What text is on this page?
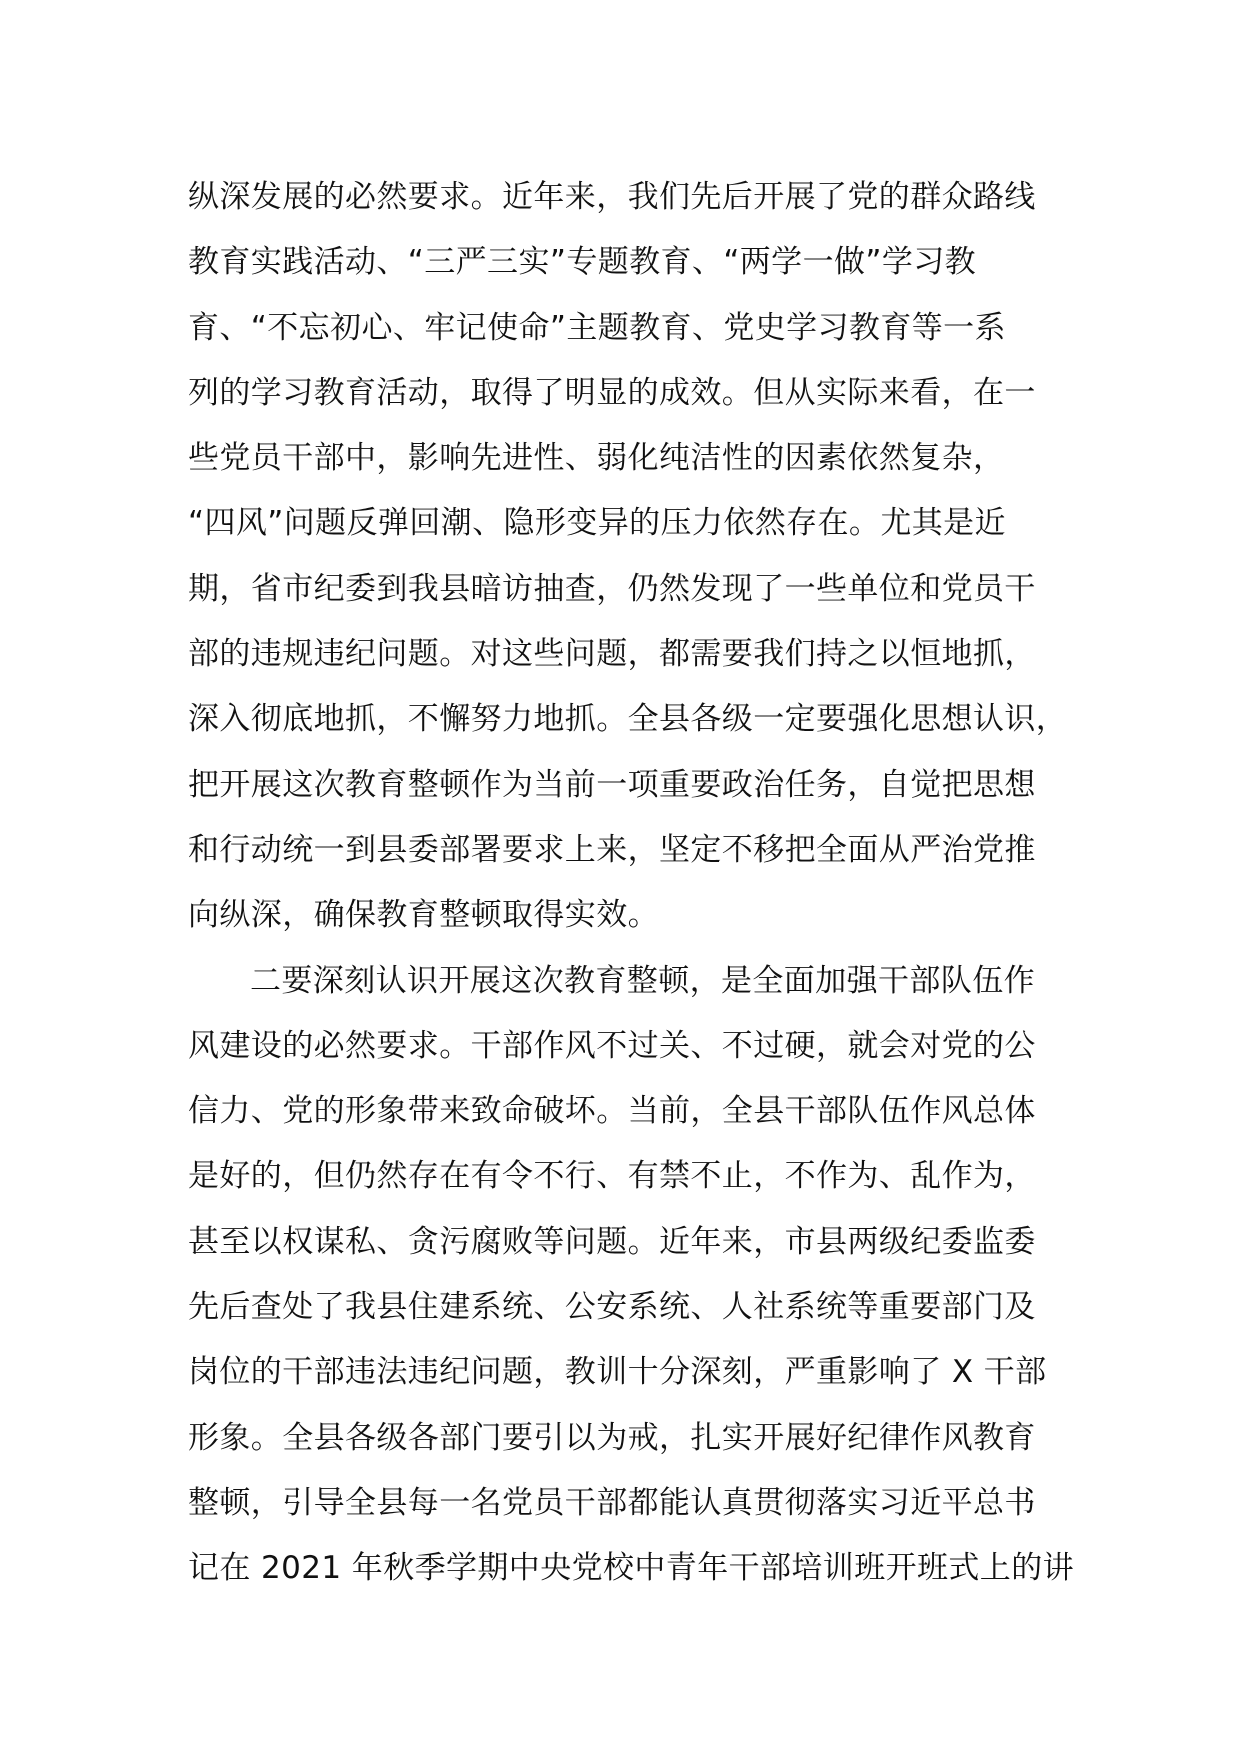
纵深发展的必然要求。近年来，我们先后开展了党的群众路线
教育实践活动、“三严三实”专题教育、“两学一做”学习教
育、“不忘初心、牢记使命”主题教育、党史学习教育等一系
列的学习教育活动，取得了明显的成效。但从实际来看，在一
些党员干部中，影响先进性、弱化纯洁性的因素依然复杂，
“四风”问题反弹回潮、隐形变异的压力依然存在。尤其是近
期，省市纪委到我县暗访抽查，仍然发现了一些单位和党员干
部的违规违纪问题。对这些问题，都需要我们持之以恒地抓，
深入彻底地抓，不懈努力地抓。全县各级一定要强化思想认识，
把开展这次教育整顿作为当前一项重要政治任务，自觉把思想
和行动统一到县委部署要求上来，坚定不移把全面从严治党推
向纵深，确保教育整顿取得实效。
二要深刻认识开展这次教育整顿，是全面加强干部队伍作
风建设的必然要求。干部作风不过关、不过硬，就会对党的公
信力、党的形象带来致命破坏。当前，全县干部队伍作风总体
是好的，但仍然存在有令不行、有禁不止，不作为、乱作为，
甚至以权谋私、贪污腐败等问题。近年来，市县两级纪委监委
先后查处了我县住建系统、公安系统、人社系统等重要部门及
岗位的干部违法违纪问题，教训十分深刻，严重影响了 X 干部
形象。全县各级各部门要引以为戒，扎实开展好纪律作风教育
整顿，引导全县每一名党员干部都能认真贯彻落实习近平总书
记在 2021 年秋季学期中央党校中青年干部培训班开班式上的讲
